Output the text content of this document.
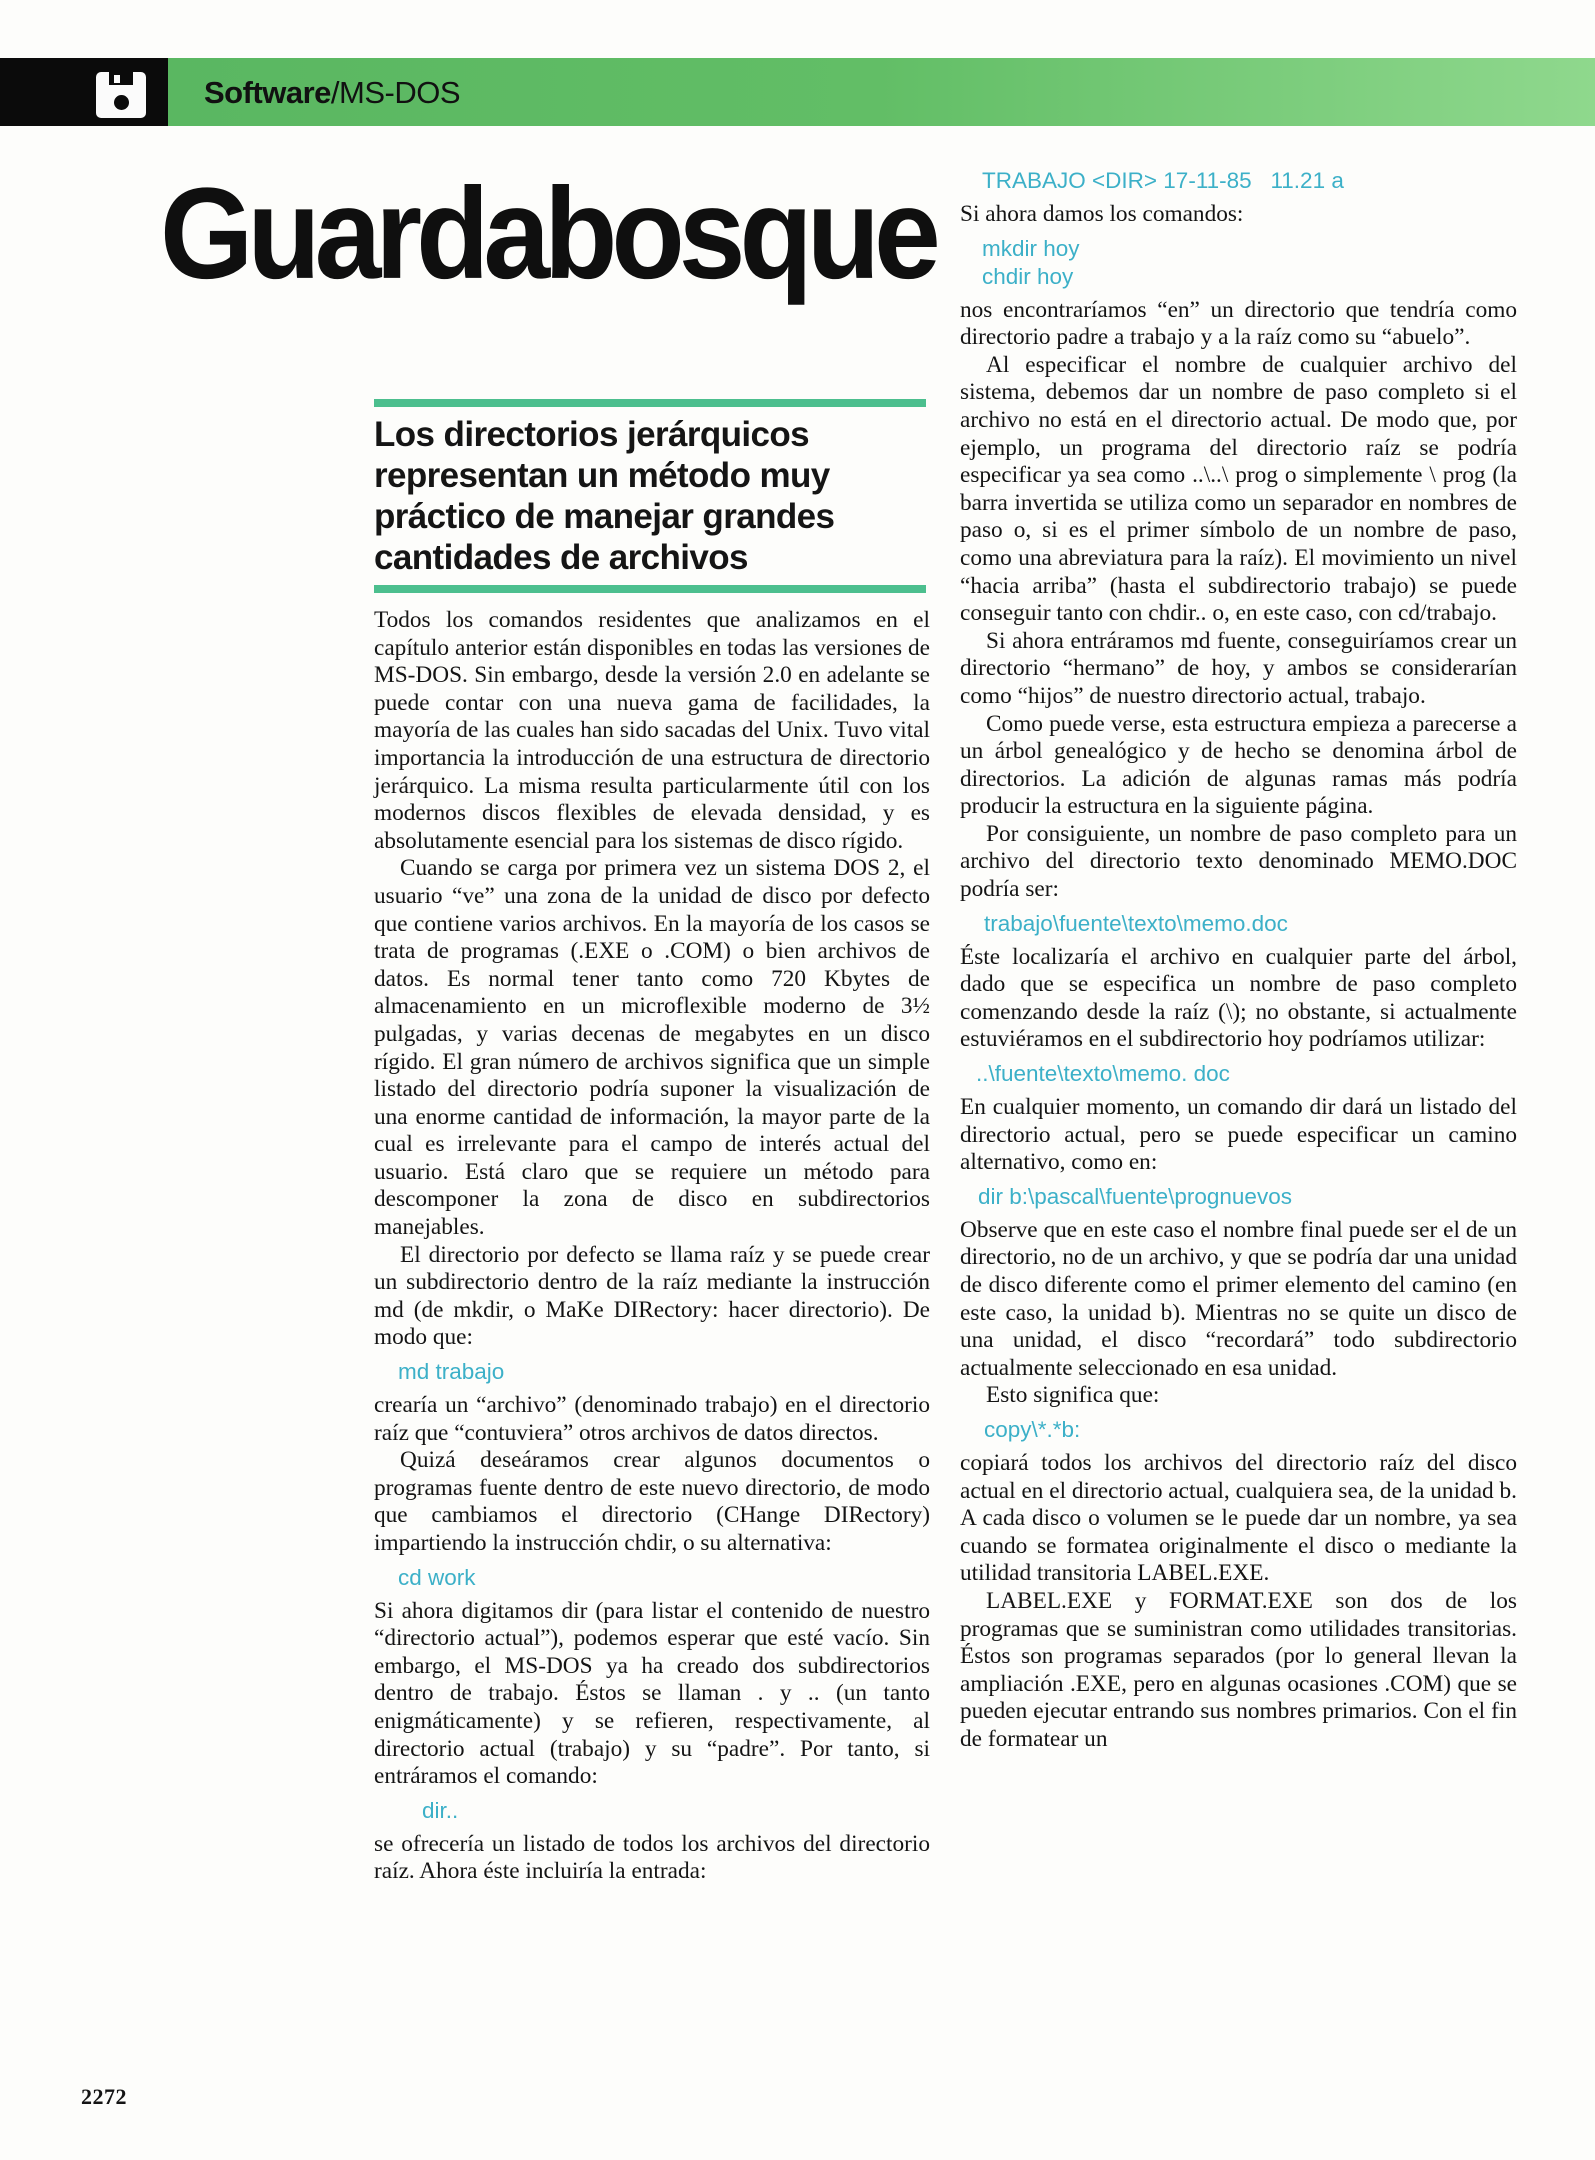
Software/MS-DOS
Guardabosque
Los directorios jerárquicos representan un método muy práctico de manejar grandes cantidades de archivos

Todos los comandos residentes que analizamos en el capítulo anterior están disponibles en todas las versiones de MS-DOS. Sin embargo, desde la versión 2.0 en adelante se puede contar con una nueva gama de facilidades, la mayoría de las cuales han sido sacadas del Unix. Tuvo vital importancia la introducción de una estructura de directorio jerárquico. La misma resulta particularmente útil con los modernos discos flexibles de elevada densidad, y es absolutamente esencial para los sistemas de disco rígido.

Cuando se carga por primera vez un sistema DOS 2, el usuario “ve” una zona de la unidad de disco por defecto que contiene varios archivos. En la mayoría de los casos se trata de programas (.EXE o .COM) o bien archivos de datos. Es normal tener tanto como 720 Kbytes de almacenamiento en un microflexible moderno de 3½ pulgadas, y varias decenas de megabytes en un disco rígido. El gran número de archivos significa que un simple listado del directorio podría suponer la visualización de una enorme cantidad de información, la mayor parte de la cual es irrelevante para el campo de interés actual del usuario. Está claro que se requiere un método para descomponer la zona de disco en subdirectorios manejables.

El directorio por defecto se llama raíz y se puede crear un subdirectorio dentro de la raíz mediante la instrucción md (de mkdir, o MaKe DIRectory: hacer directorio). De modo que:

md trabajo

crearía un “archivo” (denominado trabajo) en el directorio raíz que “contuviera” otros archivos de datos directos.

Quizá deseáramos crear algunos documentos o programas fuente dentro de este nuevo directorio, de modo que cambiamos el directorio (CHange DIRectory) impartiendo la instrucción chdir, o su alternativa:

cd work

Si ahora digitamos dir (para listar el contenido de nuestro “directorio actual”), podemos esperar que esté vacío. Sin embargo, el MS-DOS ya ha creado dos subdirectorios dentro de trabajo. Éstos se llaman . y .. (un tanto enigmáticamente) y se refieren, respectivamente, al directorio actual (trabajo) y su “padre”. Por tanto, si entráramos el comando:

dir..

se ofrecería un listado de todos los archivos del directorio raíz. Ahora éste incluiría la entrada:

TRABAJO <DIR> 17-11-85   11.21 a

Si ahora damos los comandos:

mkdir hoy
chdir hoy

nos encontraríamos “en” un directorio que tendría como directorio padre a trabajo y a la raíz como su “abuelo”.

Al especificar el nombre de cualquier archivo del sistema, debemos dar un nombre de paso completo si el archivo no está en el directorio actual. De modo que, por ejemplo, un programa del directorio raíz se podría especificar ya sea como ..\..\ prog o simplemente \ prog (la barra invertida se utiliza como un separador en nombres de paso o, si es el primer símbolo de un nombre de paso, como una abreviatura para la raíz). El movimiento un nivel “hacia arriba” (hasta el subdirectorio trabajo) se puede conseguir tanto con chdir.. o, en este caso, con cd/trabajo.

Si ahora entráramos md fuente, conseguiríamos crear un directorio “hermano” de hoy, y ambos se considerarían como “hijos” de nuestro directorio actual, trabajo.

Como puede verse, esta estructura empieza a parecerse a un árbol genealógico y de hecho se denomina árbol de directorios. La adición de algunas ramas más podría producir la estructura en la siguiente página.

Por consiguiente, un nombre de paso completo para un archivo del directorio texto denominado MEMO.DOC podría ser:

trabajo\fuente\texto\memo.doc

Éste localizaría el archivo en cualquier parte del árbol, dado que se especifica un nombre de paso completo comenzando desde la raíz (\); no obstante, si actualmente estuviéramos en el subdirectorio hoy podríamos utilizar:

..\fuente\texto\memo. doc

En cualquier momento, un comando dir dará un listado del directorio actual, pero se puede especificar un camino alternativo, como en:

dir b:\pascal\fuente\prognuevos

Observe que en este caso el nombre final puede ser el de un directorio, no de un archivo, y que se podría dar una unidad de disco diferente como el primer elemento del camino (en este caso, la unidad b). Mientras no se quite un disco de una unidad, el disco “recordará” todo subdirectorio actualmente seleccionado en esa unidad.

Esto significa que:

copy\*.*b:

copiará todos los archivos del directorio raíz del disco actual en el directorio actual, cualquiera sea, de la unidad b. A cada disco o volumen se le puede dar un nombre, ya sea cuando se formatea originalmente el disco o mediante la utilidad transitoria LABEL.EXE.

LABEL.EXE y FORMAT.EXE son dos de los programas que se suministran como utilidades transitorias. Éstos son programas separados (por lo general llevan la ampliación .EXE, pero en algunas ocasiones .COM) que se pueden ejecutar entrando sus nombres primarios. Con el fin de formatear un

2272
